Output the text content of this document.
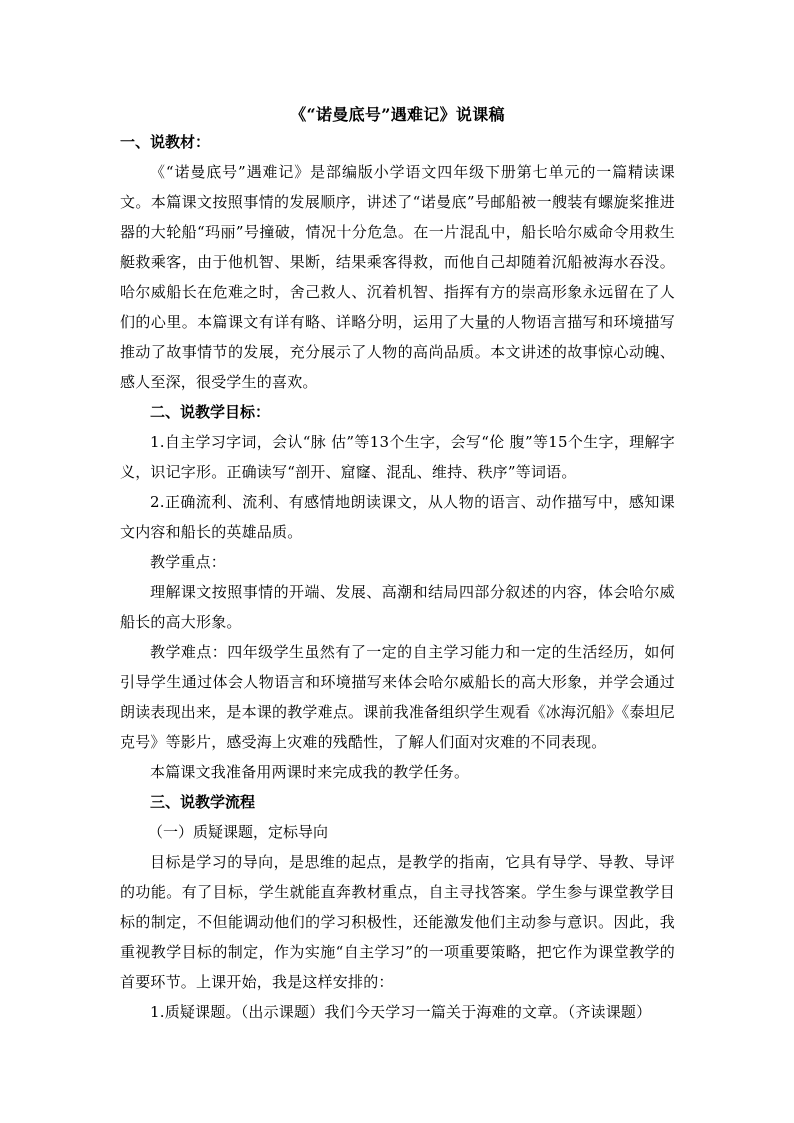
《“诺曼底号”遇难记》说课稿
一、说教材：

《“诺曼底号”遇难记》是部编版小学语文四年级下册第七单元的一篇精读课文。本篇课文按照事情的发展顺序，讲述了“诺曼底”号邮船被一艘装有螺旋桨推进器的大轮船“玛丽”号撞破，情况十分危急。在一片混乱中，船长哈尔威命令用救生艇救乘客，由于他机智、果断，结果乘客得救，而他自己却随着沉船被海水吞没。哈尔威船长在危难之时，舍己救人、沉着机智、指挥有方的崇高形象永远留在了人们的心里。本篇课文有详有略、详略分明，运用了大量的人物语言描写和环境描写推动了故事情节的发展，充分展示了人物的高尚品质。本文讲述的故事惊心动魄、感人至深，很受学生的喜欢。

二、说教学目标：

1.自主学习字词，会认“脉 估”等13个生字，会写“伦 腹”等15个生字，理解字义，识记字形。正确读写“剖开、窟窿、混乱、维持、秩序”等词语。

2.正确流利、流利、有感情地朗读课文，从人物的语言、动作描写中，感知课文内容和船长的英雄品质。

教学重点：

理解课文按照事情的开端、发展、高潮和结局四部分叙述的内容，体会哈尔威船长的高大形象。

教学难点：四年级学生虽然有了一定的自主学习能力和一定的生活经历，如何引导学生通过体会人物语言和环境描写来体会哈尔威船长的高大形象，并学会通过朗读表现出来，是本课的教学难点。课前我准备组织学生观看《冰海沉船》《泰坦尼克号》等影片，感受海上灾难的残酷性，了解人们面对灾难的不同表现。

本篇课文我准备用两课时来完成我的教学任务。

三、说教学流程

（一）质疑课题，定标导向

目标是学习的导向，是思维的起点，是教学的指南，它具有导学、导教、导评的功能。有了目标，学生就能直奔教材重点，自主寻找答案。学生参与课堂教学目标的制定，不但能调动他们的学习积极性，还能激发他们主动参与意识。因此，我重视教学目标的制定，作为实施“自主学习”的一项重要策略，把它作为课堂教学的首要环节。上课开始，我是这样安排的：

1.质疑课题。（出示课题）我们今天学习一篇关于海难的文章。（齐读课题）
